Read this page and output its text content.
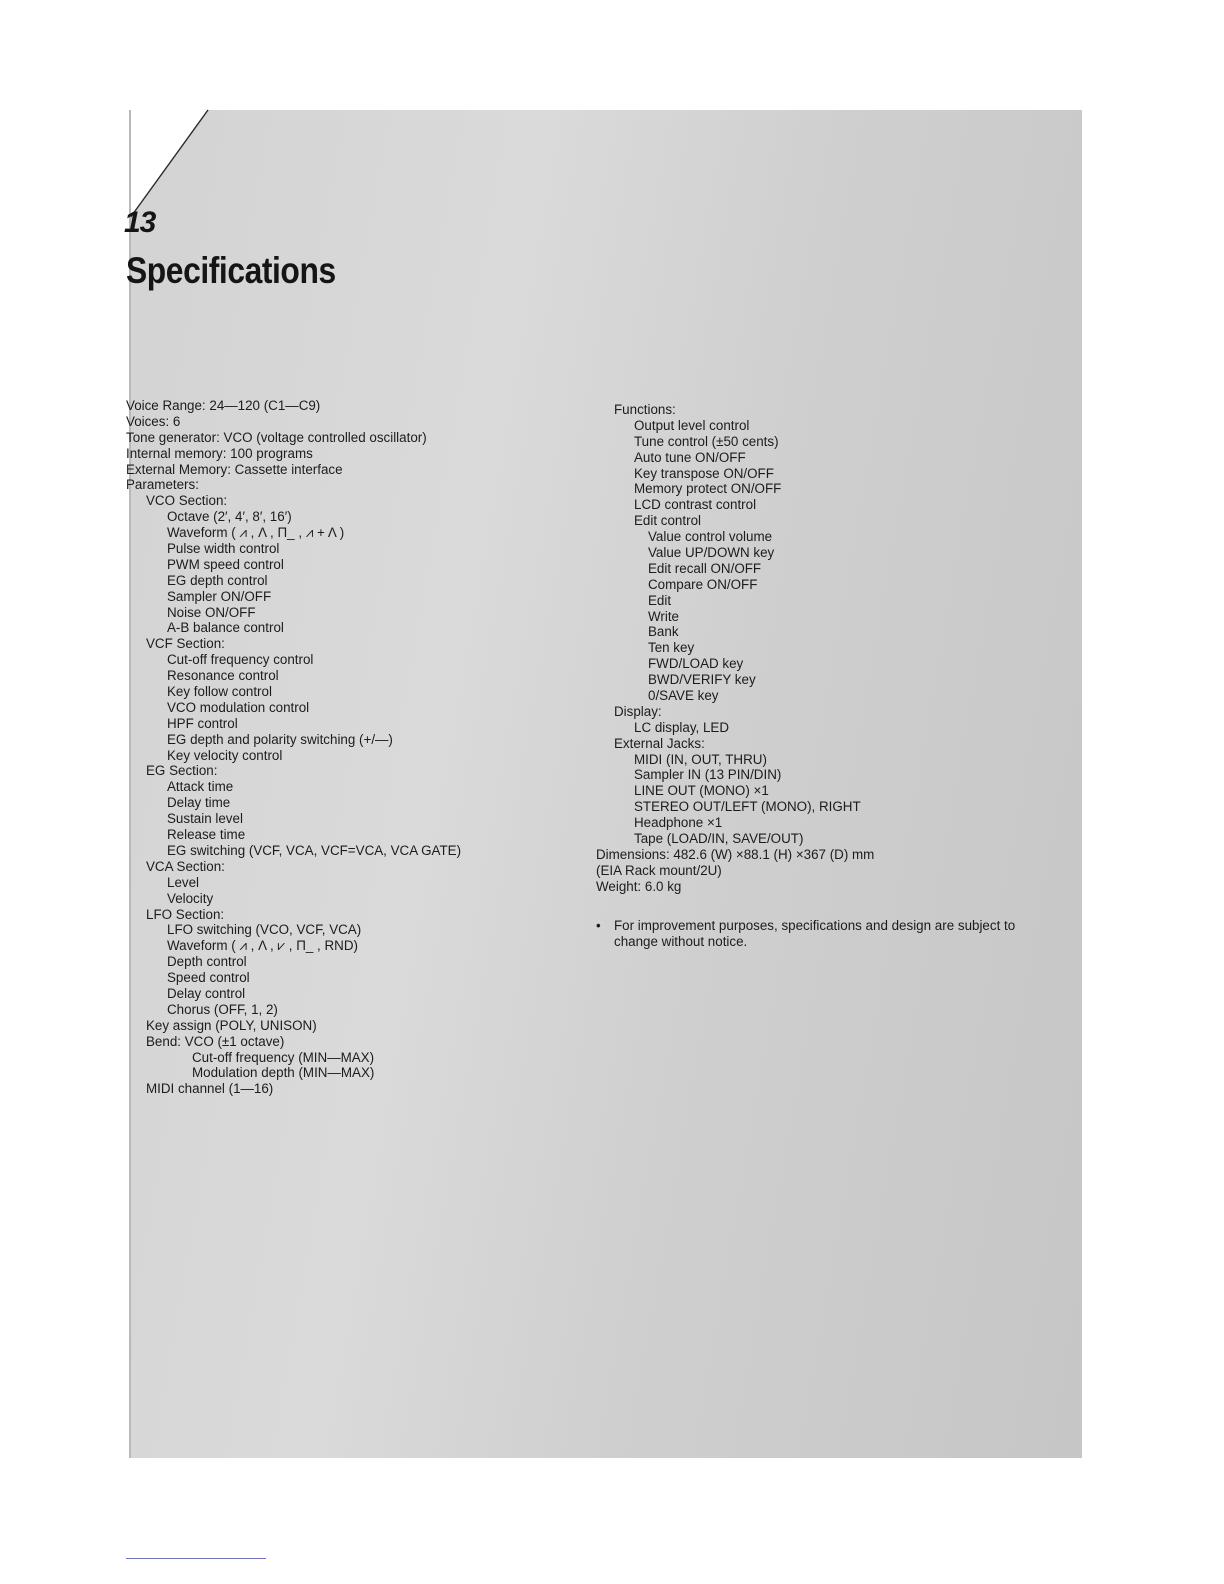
13
Specifications
Voice Range: 24—120 (C1—C9)
Voices: 6
Tone generator: VCO (voltage controlled oscillator)
Internal memory: 100 programs
External Memory: Cassette interface
Parameters:
VCO Section:
Octave (2′, 4′, 8′, 16′)
Waveform ( ⩘ , Λ , Π_ , ⩘ + Λ )
Pulse width control
PWM speed control
EG depth control
Sampler ON/OFF
Noise ON/OFF
A-B balance control
VCF Section:
Cut-off frequency control
Resonance control
Key follow control
VCO modulation control
HPF control
EG depth and polarity switching (+/—)
Key velocity control
EG Section:
Attack time
Delay time
Sustain level
Release time
EG switching (VCF, VCA, VCF=VCA, VCA GATE)
VCA Section:
Level
Velocity
LFO Section:
LFO switching (VCO, VCF, VCA)
Waveform ( ⩘ , Λ , ⩗ , Π_ , RND)
Depth control
Speed control
Delay control
Chorus (OFF, 1, 2)
Key assign (POLY, UNISON)
Bend: VCO (±1 octave)
Cut-off frequency (MIN—MAX)
Modulation depth (MIN—MAX)
MIDI channel (1—16)
Functions:
Output level control
Tune control (±50 cents)
Auto tune ON/OFF
Key transpose ON/OFF
Memory protect ON/OFF
LCD contrast control
Edit control
Value control volume
Value UP/DOWN key
Edit recall ON/OFF
Compare ON/OFF
Edit
Write
Bank
Ten key
FWD/LOAD key
BWD/VERIFY key
0/SAVE key
Display:
LC display, LED
External Jacks:
MIDI (IN, OUT, THRU)
Sampler IN (13 PIN/DIN)
LINE OUT (MONO) ×1
STEREO OUT/LEFT (MONO), RIGHT
Headphone ×1
Tape (LOAD/IN, SAVE/OUT)
Dimensions: 482.6 (W) ×88.1 (H) ×367 (D) mm
(EIA Rack mount/2U)
Weight: 6.0 kg
• For improvement purposes, specifications and design are subject to change without notice.
